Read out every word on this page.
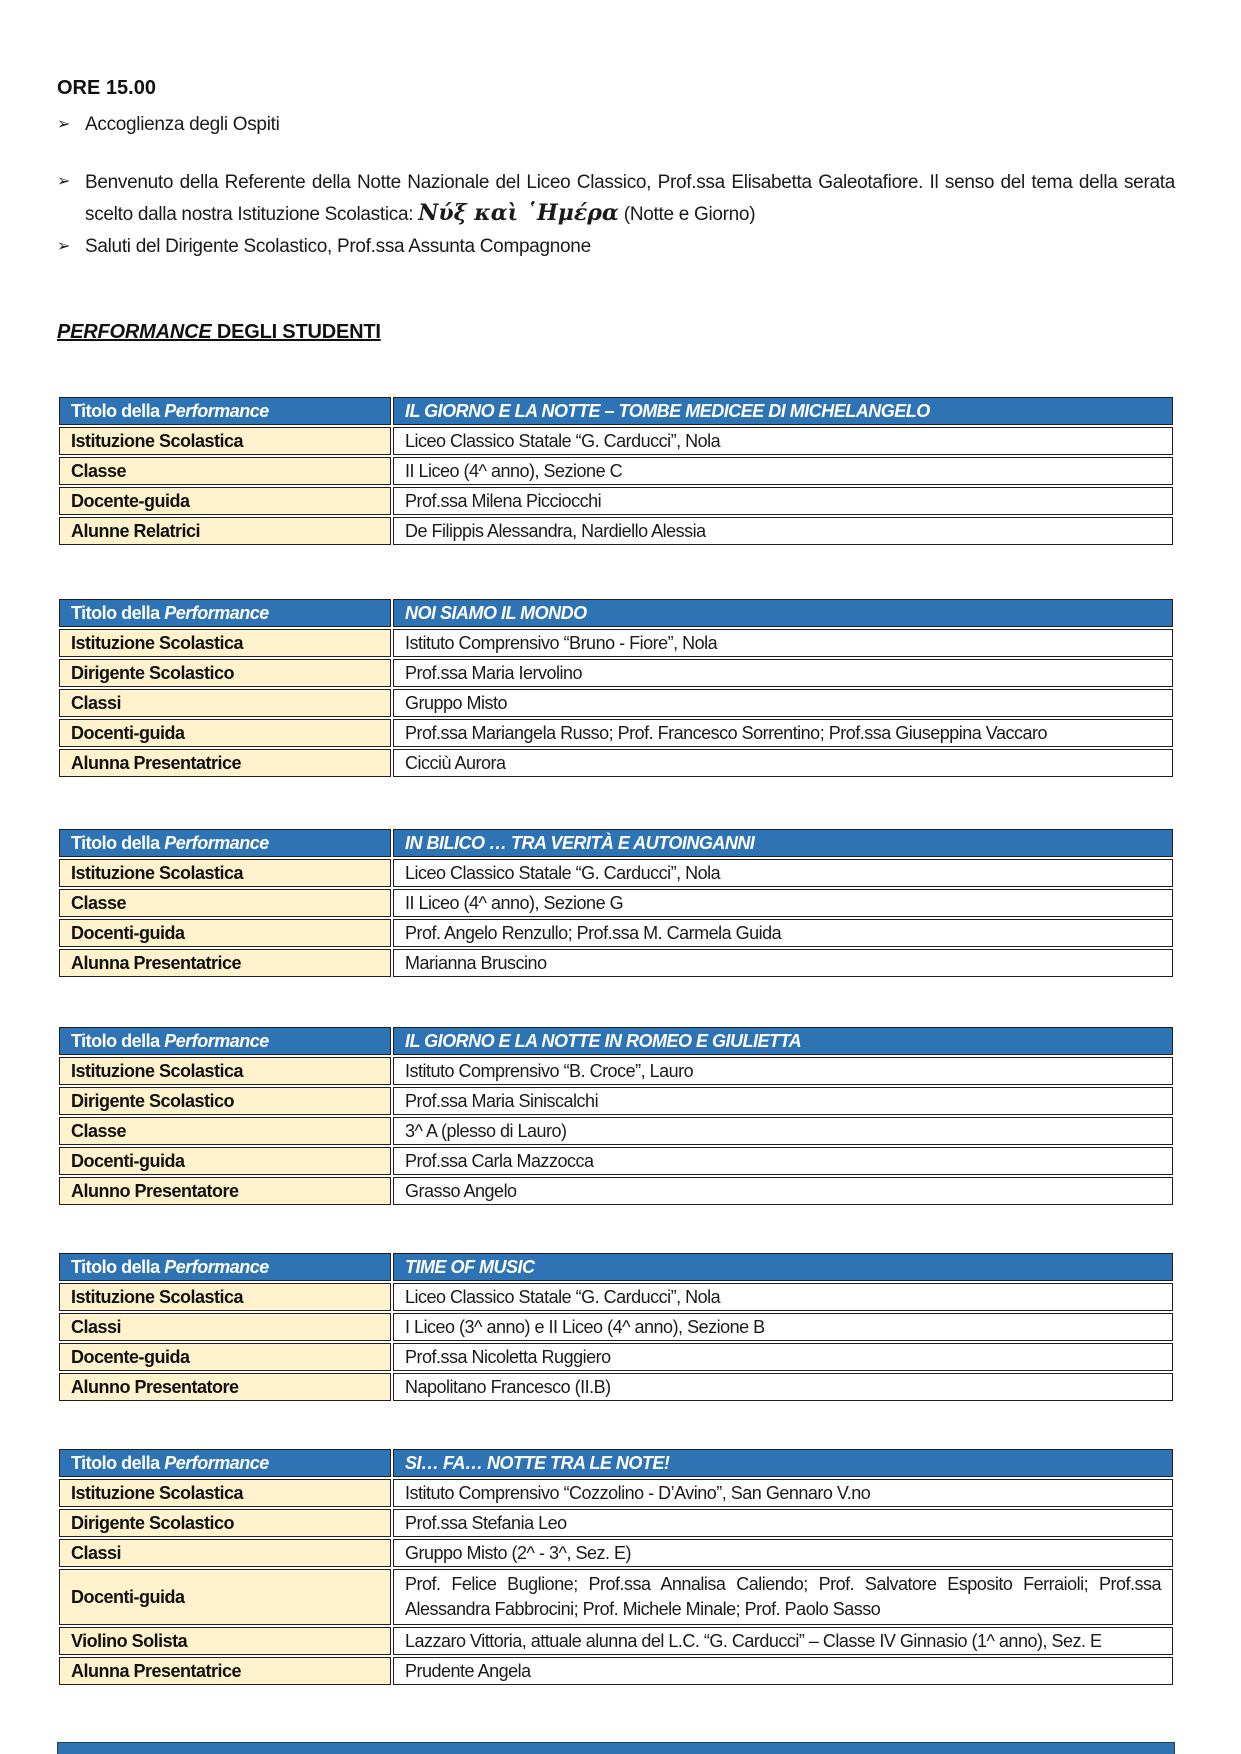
ORE 15.00

➢ Accoglienza degli Ospiti
➢ Benvenuto della Referente della Notte Nazionale del Liceo Classico, Prof.ssa Elisabetta Galeotafiore. Il senso del tema della serata scelto dalla nostra Istituzione Scolastica: Νύξ καὶ ῾Ημέρα (Notte e Giorno)
➢ Saluti del Dirigente Scolastico, Prof.ssa Assunta Compagnone

PERFORMANCE DEGLI STUDENTI

Titolo della Performance	IL GIORNO E LA NOTTE – TOMBE MEDICEE DI MICHELANGELO
Istituzione Scolastica	Liceo Classico Statale “G. Carducci”, Nola
Classe	II Liceo (4^ anno), Sezione C
Docente-guida	Prof.ssa Milena Picciocchi
Alunne Relatrici	De Filippis Alessandra, Nardiello Alessia
Titolo della Performance	NOI SIAMO IL MONDO
Istituzione Scolastica	Istituto Comprensivo “Bruno - Fiore”, Nola
Dirigente Scolastico	Prof.ssa Maria Iervolino
Classi	Gruppo Misto
Docenti-guida	Prof.ssa Mariangela Russo; Prof. Francesco Sorrentino; Prof.ssa Giuseppina Vaccaro
Alunna Presentatrice	Cicciù Aurora
Titolo della Performance	IN BILICO … TRA VERITÀ E AUTOINGANNI
Istituzione Scolastica	Liceo Classico Statale “G. Carducci”, Nola
Classe	II Liceo (4^ anno), Sezione G
Docenti-guida	Prof. Angelo Renzullo; Prof.ssa M. Carmela Guida
Alunna Presentatrice	Marianna Bruscino
Titolo della Performance	IL GIORNO E LA NOTTE IN ROMEO E GIULIETTA
Istituzione Scolastica	Istituto Comprensivo “B. Croce”, Lauro
Dirigente Scolastico	Prof.ssa Maria Siniscalchi
Classe	3^ A (plesso di Lauro)
Docenti-guida	Prof.ssa Carla Mazzocca
Alunno Presentatore	Grasso Angelo
Titolo della Performance	TIME OF MUSIC
Istituzione Scolastica	Liceo Classico Statale “G. Carducci”, Nola
Classi	I Liceo (3^ anno) e II Liceo (4^ anno), Sezione B
Docente-guida	Prof.ssa Nicoletta Ruggiero
Alunno Presentatore	Napolitano Francesco (II.B)
Titolo della Performance	SI… FA… NOTTE TRA LE NOTE!
Istituzione Scolastica	Istituto Comprensivo “Cozzolino - D’Avino”, San Gennaro V.no
Dirigente Scolastico	Prof.ssa Stefania Leo
Classi	Gruppo Misto (2^ - 3^, Sez. E)
Docenti-guida	Prof. Felice Buglione; Prof.ssa Annalisa Caliendo; Prof. Salvatore Esposito Ferraioli; Prof.ssa Alessandra Fabbrocini; Prof. Michele Minale; Prof. Paolo Sasso
Violino Solista	Lazzaro Vittoria, attuale alunna del L.C. “G. Carducci” – Classe IV Ginnasio (1^ anno), Sez. E
Alunna Presentatrice	Prudente Angela
